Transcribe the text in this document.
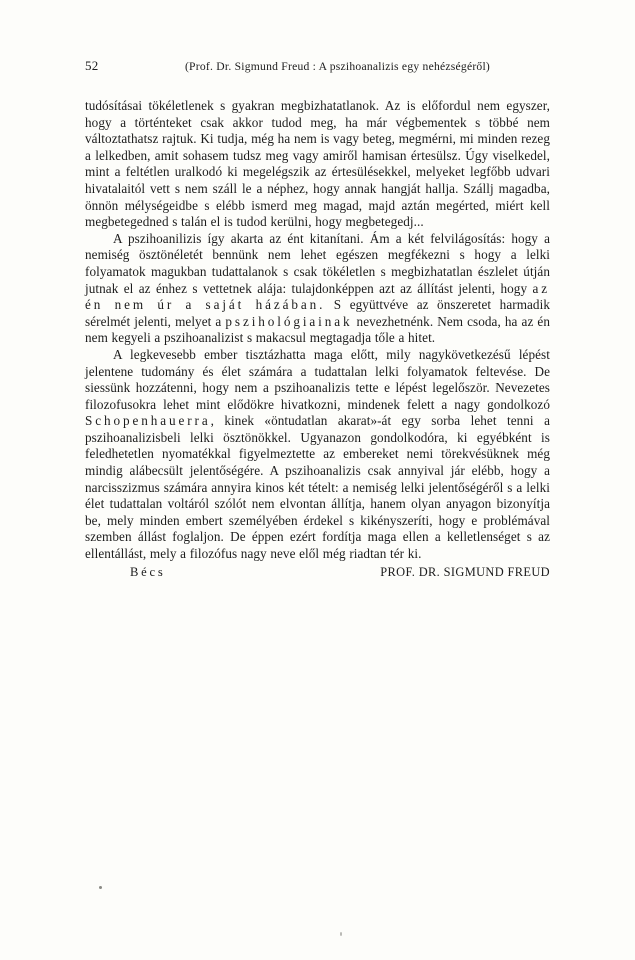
52	(Prof. Dr. Sigmund Freud : A pszihoanalizis egy nehézségéről)

tudósításai tökéletlenek s gyakran megbizhatatlanok. Az is előfordul nem egyszer, hogy a történteket csak akkor tudod meg, ha már végbementek s többé nem változtathatsz rajtuk. Ki tudja, még ha nem is vagy beteg, megmérni, mi minden rezeg a lelkedben, amit sohasem tudsz meg vagy amiről hamisan értesülsz. Úgy viselkedel, mint a feltétlen uralkodó ki megelégszik az értesülésekkel, melyeket legfőbb udvari hivatalaitól vett s nem száll le a néphez, hogy annak hangját hallja. Szállj magadba, önnön mélységeidbe s elébb ismerd meg magad, majd aztán megérted, miért kell megbetegedned s talán el is tudod kerülni, hogy megbetegedj...

A pszihoanilizis így akarta az ént kitanítani. Ám a két felvilágosítás: hogy a nemiség ösztönéletét bennünk nem lehet egészen megfékezni s hogy a lelki folyamatok magukban tudattalanok s csak tökéletlen s megbizhatatlan észlelet útján jutnak el az énhez s vettetnek alája: tulajdonképpen azt az állítást jelenti, hogy az én nem úr a saját házában. S együttvéve az önszeretet harmadik sérelmét jelenti, melyet a pszihológiainak nevezhetnénk. Nem csoda, ha az én nem kegyeli a pszihoanalizist s makacsul megtagadja tőle a hitet.

A legkevesebb ember tisztázhatta maga előtt, mily nagykövetkezésű lépést jelentene tudomány és élet számára a tudattalan lelki folyamatok feltevése. De siessünk hozzátenni, hogy nem a pszihoanalizis tette e lépést legelőször. Nevezetes filozofusokra lehet mint elődökre hivatkozni, mindenek felett a nagy gondolkozó Schopenhauerra, kinek «öntudatlan akarat»-át egy sorba lehet tenni a pszihoanalizisbeli lelki ösztönökkel. Ugyanazon gondolkodóra, ki egyébként is feledhetetlen nyomatékkal figyelmeztette az embereket nemi törekvésüknek még mindig alábecsült jelentőségére. A pszihoanalizis csak annyival jár elébb, hogy a narcisszizmus számára annyira kinos két tételt: a nemiség lelki jelentőségéről s a lelki élet tudattalan voltáról szólót nem elvontan állítja, hanem olyan anyagon bizonyítja be, mely minden embert személyében érdekel s kikényszeríti, hogy e problémával szemben állást foglaljon. De éppen ezért fordítja maga ellen a kelletlenséget s az ellentállást, mely a filozófus nagy neve elől még riadtan tér ki.

Bécs	PROF. DR. SIGMUND FREUD
